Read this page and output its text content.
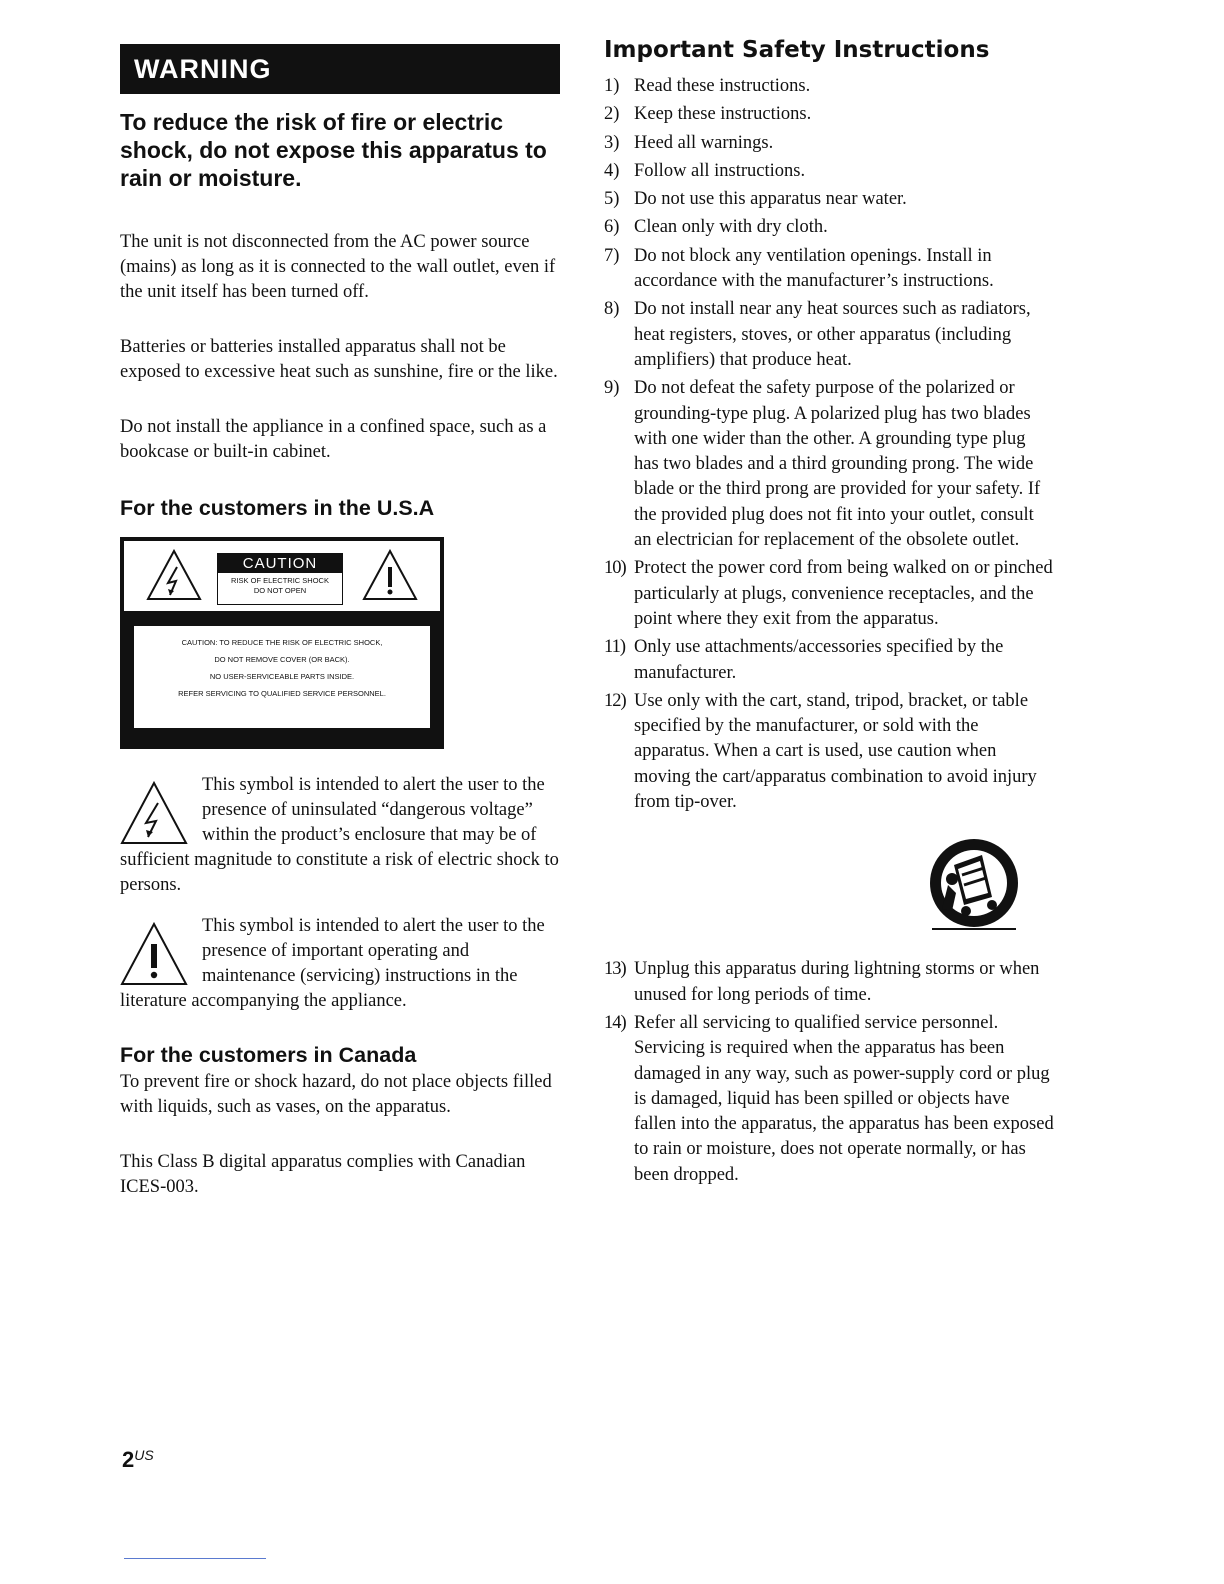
WARNING
To reduce the risk of fire or electric shock, do not expose this apparatus to rain or moisture.

The unit is not disconnected from the AC power source (mains) as long as it is connected to the wall outlet, even if the unit itself has been turned off.

Batteries or batteries installed apparatus shall not be exposed to excessive heat such as sunshine, fire or the like.

Do not install the appliance in a confined space, such as a bookcase or built-in cabinet.

For the customers in the U.S.A
CAUTION
RISK OF ELECTRIC SHOCK
DO NOT OPEN
CAUTION: TO REDUCE THE RISK OF ELECTRIC SHOCK,
DO NOT REMOVE COVER (OR BACK).
NO USER-SERVICEABLE PARTS INSIDE.
REFER SERVICING TO QUALIFIED SERVICE PERSONNEL.
This symbol is intended to alert the user to the presence of uninsulated “dangerous voltage” within the product’s enclosure that may be of sufficient magnitude to constitute a risk of electric shock to persons.
This symbol is intended to alert the user to the presence of important operating and maintenance (servicing) instructions in the literature accompanying the appliance.
For the customers in Canada

To prevent fire or shock hazard, do not place objects filled with liquids, such as vases, on the apparatus.

This Class B digital apparatus complies with Canadian ICES-003.

Important Safety Instructions
1) Read these instructions.
2) Keep these instructions.
3) Heed all warnings.
4) Follow all instructions.
5) Do not use this apparatus near water.
6) Clean only with dry cloth.
7) Do not block any ventilation openings. Install in accordance with the manufacturer’s instructions.
8) Do not install near any heat sources such as radiators, heat registers, stoves, or other apparatus (including amplifiers) that produce heat.
9) Do not defeat the safety purpose of the polarized or grounding-type plug. A polarized plug has two blades with one wider than the other. A grounding type plug has two blades and a third grounding prong. The wide blade or the third prong are provided for your safety. If the provided plug does not fit into your outlet, consult an electrician for replacement of the obsolete outlet.
10) Protect the power cord from being walked on or pinched particularly at plugs, convenience receptacles, and the point where they exit from the apparatus.
11) Only use attachments/accessories specified by the manufacturer.
12) Use only with the cart, stand, tripod, bracket, or table specified by the manufacturer, or sold with the apparatus. When a cart is used, use caution when moving the cart/apparatus combination to avoid injury from tip-over.
13) Unplug this apparatus during lightning storms or when unused for long periods of time.
14) Refer all servicing to qualified service personnel. Servicing is required when the apparatus has been damaged in any way, such as power-supply cord or plug is damaged, liquid has been spilled or objects have fallen into the apparatus, the apparatus has been exposed to rain or moisture, does not operate normally, or has been dropped.
$2^{US}$
